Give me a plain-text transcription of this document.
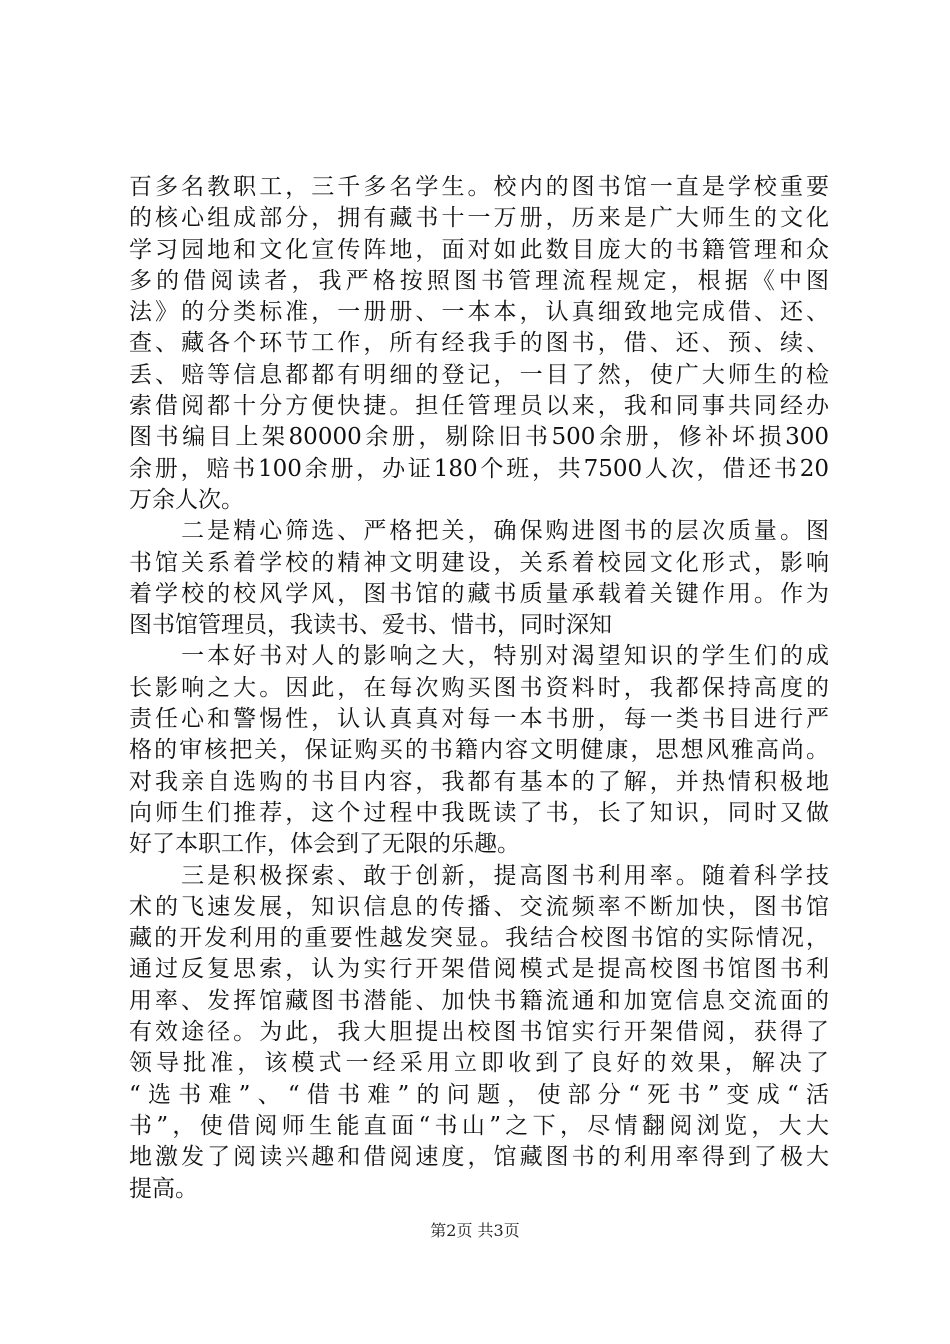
百多名教职工，三千多名学生。校内的图书馆一直是学校重要
的核心组成部分，拥有藏书十一万册，历来是广大师生的文化
学习园地和文化宣传阵地，面对如此数目庞大的书籍管理和众
多的借阅读者，我严格按照图书管理流程规定，根据《中图
法》的分类标准，一册册、一本本，认真细致地完成借、还、
查、藏各个环节工作，所有经我手的图书，借、还、预、续、
丢、赔等信息都都有明细的登记，一目了然，使广大师生的检
索借阅都十分方便快捷。担任管理员以来，我和同事共同经办
图书编目上架80000余册，剔除旧书500余册，修补坏损300
余册，赔书100余册，办证180个班，共7500人次，借还书20
万余人次。
　　二是精心筛选、严格把关，确保购进图书的层次质量。图
书馆关系着学校的精神文明建设，关系着校园文化形式，影响
着学校的校风学风，图书馆的藏书质量承载着关键作用。作为
图书馆管理员，我读书、爱书、惜书，同时深知
　　一本好书对人的影响之大，特别对渴望知识的学生们的成
长影响之大。因此，在每次购买图书资料时，我都保持高度的
责任心和警惕性，认认真真对每一本书册，每一类书目进行严
格的审核把关，保证购买的书籍内容文明健康，思想风雅高尚。
对我亲自选购的书目内容，我都有基本的了解，并热情积极地
向师生们推荐，这个过程中我既读了书，长了知识，同时又做
好了本职工作，体会到了无限的乐趣。
　　三是积极探索、敢于创新，提高图书利用率。随着科学技
术的飞速发展，知识信息的传播、交流频率不断加快，图书馆
藏的开发利用的重要性越发突显。我结合校图书馆的实际情况，
通过反复思索，认为实行开架借阅模式是提高校图书馆图书利
用率、发挥馆藏图书潜能、加快书籍流通和加宽信息交流面的
有效途径。为此，我大胆提出校图书馆实行开架借阅，获得了
领导批准，该模式一经采用立即收到了良好的效果，解决了
“选书难”、“借书难”的问题，使部分“死书”变成“活
书”，使借阅师生能直面“书山”之下，尽情翻阅浏览，大大
地激发了阅读兴趣和借阅速度，馆藏图书的利用率得到了极大
提高。
第2页 共3页
